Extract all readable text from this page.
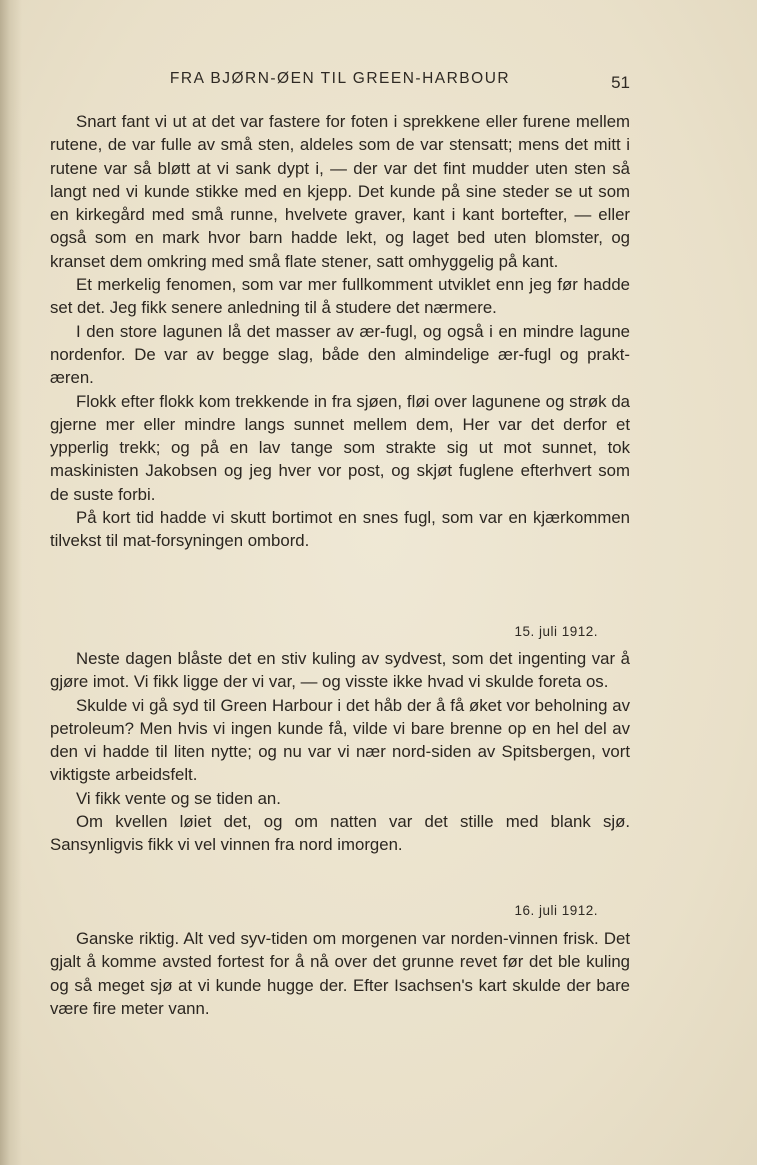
FRA BJØRN-ØEN TIL GREEN-HARBOUR	51

Snart fant vi ut at det var fastere for foten i sprekkene eller furene mellem rutene, de var fulle av små sten, aldeles som de var stensatt; mens det mitt i rutene var så bløtt at vi sank dypt i, — der var det fint mudder uten sten så langt ned vi kunde stikke med en kjepp. Det kunde på sine steder se ut som en kirkegård med små runne, hvelvete graver, kant i kant bortefter, — eller også som en mark hvor barn hadde lekt, og laget bed uten blomster, og kranset dem omkring med små flate stener, satt omhyggelig på kant.

Et merkelig fenomen, som var mer fullkomment utviklet enn jeg før hadde set det. Jeg fikk senere anledning til å studere det nærmere.

I den store lagunen lå det masser av ær-fugl, og også i en mindre lagune nordenfor. De var av begge slag, både den almindelige ær-fugl og prakt-æren.

Flokk efter flokk kom trekkende in fra sjøen, fløi over lagunene og strøk da gjerne mer eller mindre langs sunnet mellem dem, Her var det derfor et ypperlig trekk; og på en lav tange som strakte sig ut mot sunnet, tok maskinisten Jakobsen og jeg hver vor post, og skjøt fuglene efterhvert som de suste forbi.

På kort tid hadde vi skutt bortimot en snes fugl, som var en kjærkommen tilvekst til mat-forsyningen ombord.

15. juli 1912.

Neste dagen blåste det en stiv kuling av sydvest, som det ingenting var å gjøre imot. Vi fikk ligge der vi var, — og visste ikke hvad vi skulde foreta os.

Skulde vi gå syd til Green Harbour i det håb der å få øket vor beholning av petroleum? Men hvis vi ingen kunde få, vilde vi bare brenne op en hel del av den vi hadde til liten nytte; og nu var vi nær nord-siden av Spitsbergen, vort viktigste arbeidsfelt.

Vi fikk vente og se tiden an.

Om kvellen løiet det, og om natten var det stille med blank sjø. Sansynligvis fikk vi vel vinnen fra nord imorgen.

16. juli 1912.

Ganske riktig. Alt ved syv-tiden om morgenen var norden-vinnen frisk. Det gjalt å komme avsted fortest for å nå over det grunne revet før det ble kuling og så meget sjø at vi kunde hugge der. Efter Isachsen's kart skulde der bare være fire meter vann.
